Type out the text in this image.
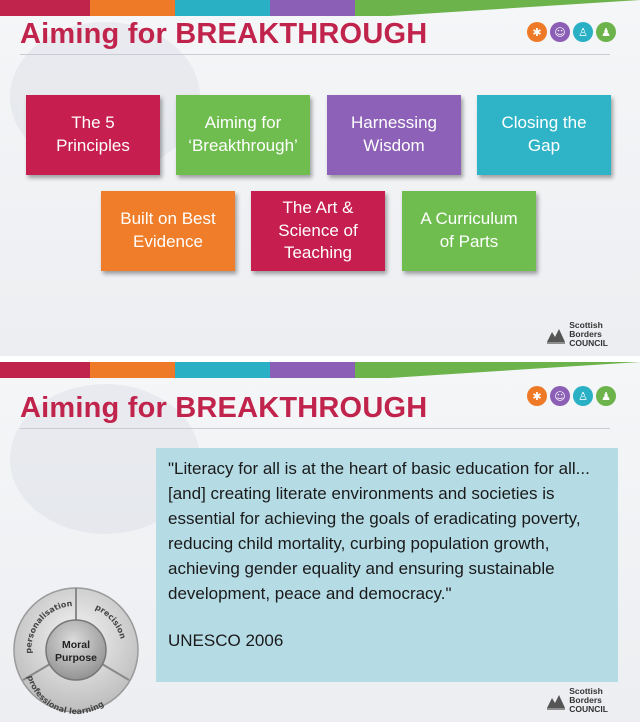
Aiming for BREAKTHROUGH	✱	☺	♙	♟
The 5
Principles
Aiming for
‘Breakthrough’
Harnessing
Wisdom
Closing the
Gap
Built on Best
Evidence
The Art &
Science of
Teaching
A Curriculum
of Parts
Scottish
Borders
COUNCIL
Aiming for BREAKTHROUGH	✱	☺	♙	♟
"Literacy for all is at the heart of basic education for all... [and] creating literate environments and societies is essential for achieving the goals of eradicating poverty, reducing child mortality, curbing population growth, achieving gender equality and ensuring sustainable development, peace and democracy."
UNESCO 2006
personalisation	precision
professional learning
Moral
Purpose
Scottish
Borders
COUNCIL
